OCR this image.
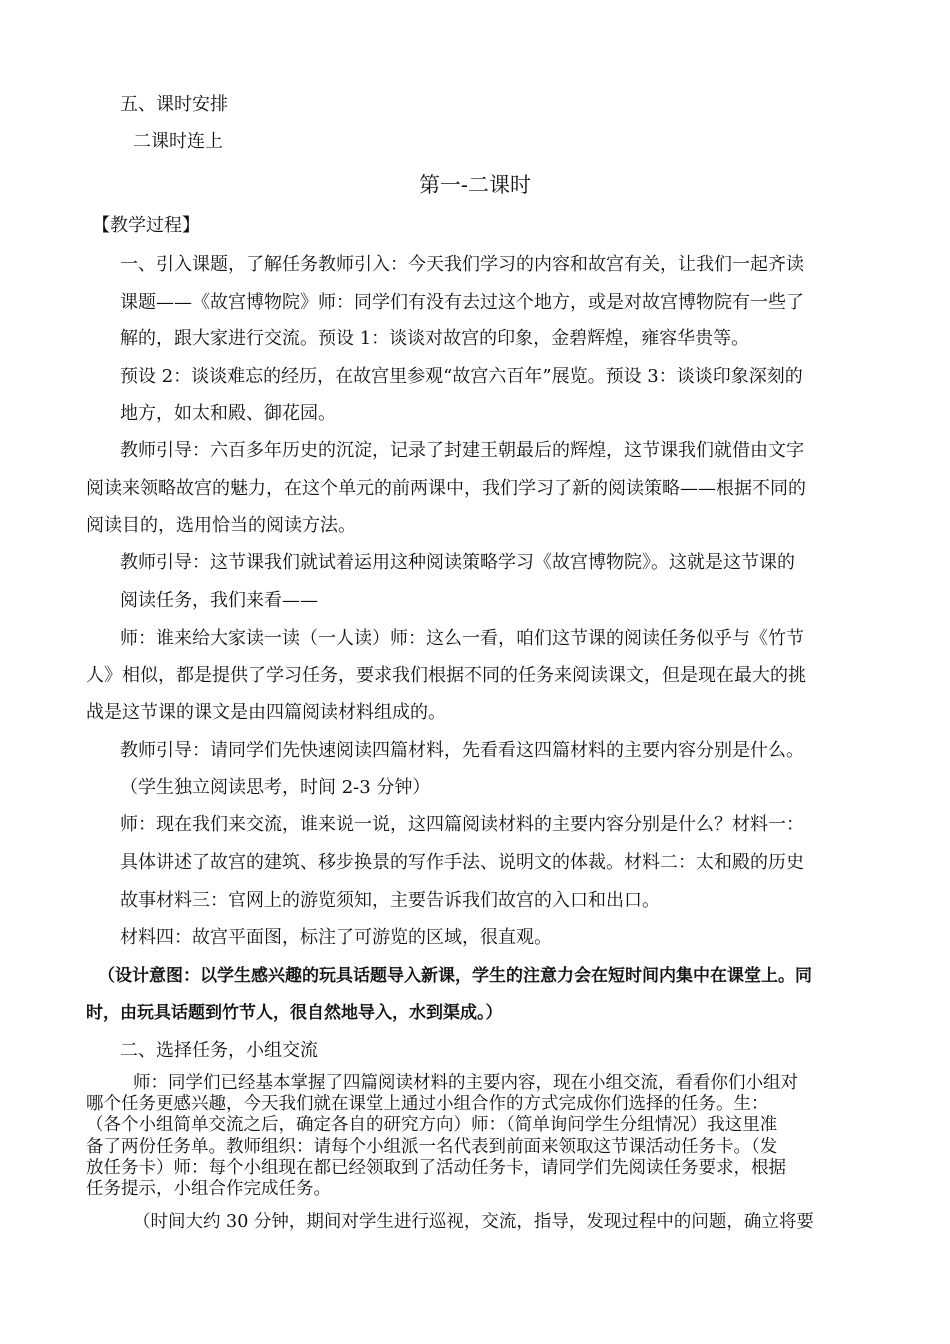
五、课时安排
二课时连上
第一-二课时
【教学过程】
一、引入课题，了解任务教师引入：今天我们学习的内容和故宫有关，让我们一起齐读
课题——《故宫博物院》师：同学们有没有去过这个地方，或是对故宫博物院有一些了
解的，跟大家进行交流。预设 1：谈谈对故宫的印象，金碧辉煌，雍容华贵等。
预设 2：谈谈难忘的经历，在故宫里参观“故宫六百年”展览。预设 3：谈谈印象深刻的
地方，如太和殿、御花园。
教师引导：六百多年历史的沉淀，记录了封建王朝最后的辉煌，这节课我们就借由文字
阅读来领略故宫的魅力，在这个单元的前两课中，我们学习了新的阅读策略——根据不同的
阅读目的，选用恰当的阅读方法。
教师引导：这节课我们就试着运用这种阅读策略学习《故宫博物院》。这就是这节课的
阅读任务，我们来看——
师：谁来给大家读一读（一人读）师：这么一看，咱们这节课的阅读任务似乎与《竹节
人》相似，都是提供了学习任务，要求我们根据不同的任务来阅读课文，但是现在最大的挑
战是这节课的课文是由四篇阅读材料组成的。
教师引导：请同学们先快速阅读四篇材料，先看看这四篇材料的主要内容分别是什么。
（学生独立阅读思考，时间 2-3 分钟）
师：现在我们来交流，谁来说一说，这四篇阅读材料的主要内容分别是什么？材料一：
具体讲述了故宫的建筑、移步换景的写作手法、说明文的体裁。材料二：太和殿的历史
故事材料三：官网上的游览须知，主要告诉我们故宫的入口和出口。
材料四：故宫平面图，标注了可游览的区域，很直观。
（设计意图：以学生感兴趣的玩具话题导入新课，学生的注意力会在短时间内集中在课堂上。同
时，由玩具话题到竹节人，很自然地导入，水到渠成。）
二、选择任务，小组交流
师：同学们已经基本掌握了四篇阅读材料的主要内容，现在小组交流，看看你们小组对
哪个任务更感兴趣，今天我们就在课堂上通过小组合作的方式完成你们选择的任务。生：
（各个小组简单交流之后，确定各自的研究方向）师：（简单询问学生分组情况）我这里准
备了两份任务单。教师组织：请每个小组派一名代表到前面来领取这节课活动任务卡。（发
放任务卡）师：每个小组现在都已经领取到了活动任务卡，请同学们先阅读任务要求，根据
任务提示，小组合作完成任务。
（时间大约 30 分钟，期间对学生进行巡视，交流，指导，发现过程中的问题，确立将要
